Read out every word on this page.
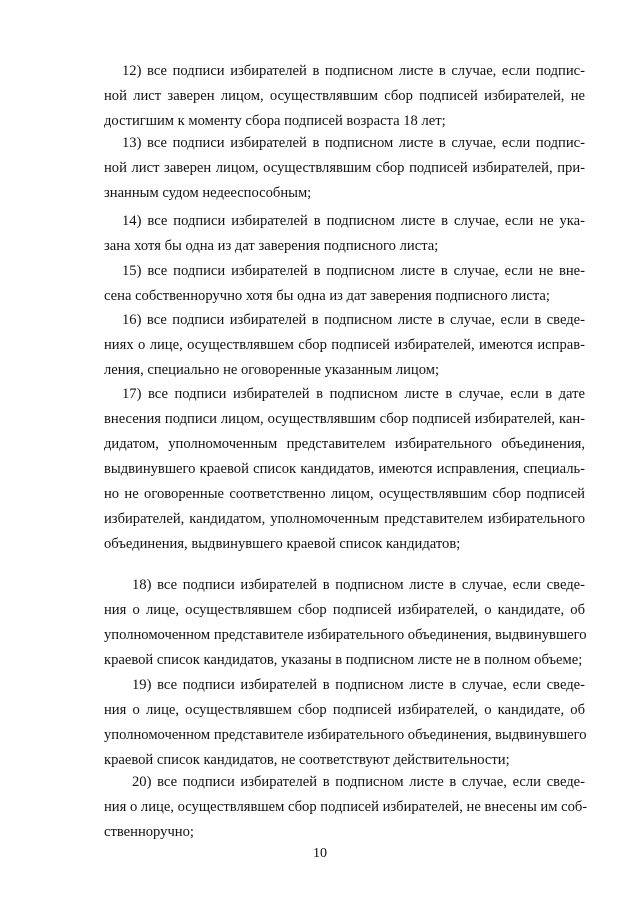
12) все подписи избирателей в подписном листе в случае, если подпис-

ной лист заверен лицом, осуществлявшим сбор подписей избирателей, не

достигшим к моменту сбора подписей возраста 18 лет;

13) все подписи избирателей в подписном листе в случае, если подпис-

ной лист заверен лицом, осуществлявшим сбор подписей избирателей, при-

знанным судом недееспособным;

14) все подписи избирателей в подписном листе в случае, если не ука-

зана хотя бы одна из дат заверения подписного листа;

15) все подписи избирателей в подписном листе в случае, если не вне-

сена собственноручно хотя бы одна из дат заверения подписного листа;

16) все подписи избирателей в подписном листе в случае, если в сведе-

ниях о лице, осуществлявшем сбор подписей избирателей, имеются исправ-

ления, специально не оговоренные указанным лицом;

17) все подписи избирателей в подписном листе в случае, если в дате

внесения подписи лицом, осуществлявшим сбор подписей избирателей, кан-

дидатом, уполномоченным представителем избирательного объединения,

выдвинувшего краевой список кандидатов, имеются исправления, специаль-

но не оговоренные соответственно лицом, осуществлявшим сбор подписей

избирателей, кандидатом, уполномоченным представителем избирательного

объединения, выдвинувшего краевой список кандидатов;

18) все подписи избирателей в подписном листе в случае, если сведе-

ния о лице, осуществлявшем сбор подписей избирателей, о кандидате, об

уполномоченном представителе избирательного объединения, выдвинувшего

краевой список кандидатов, указаны в подписном листе не в полном объеме;

19) все подписи избирателей в подписном листе в случае, если сведе-

ния о лице, осуществлявшем сбор подписей избирателей, о кандидате, об

уполномоченном представителе избирательного объединения, выдвинувшего

краевой список кандидатов, не соответствуют действительности;

20) все подписи избирателей в подписном листе в случае, если сведе-

ния о лице, осуществлявшем сбор подписей избирателей, не внесены им соб-

ственноручно;

10
